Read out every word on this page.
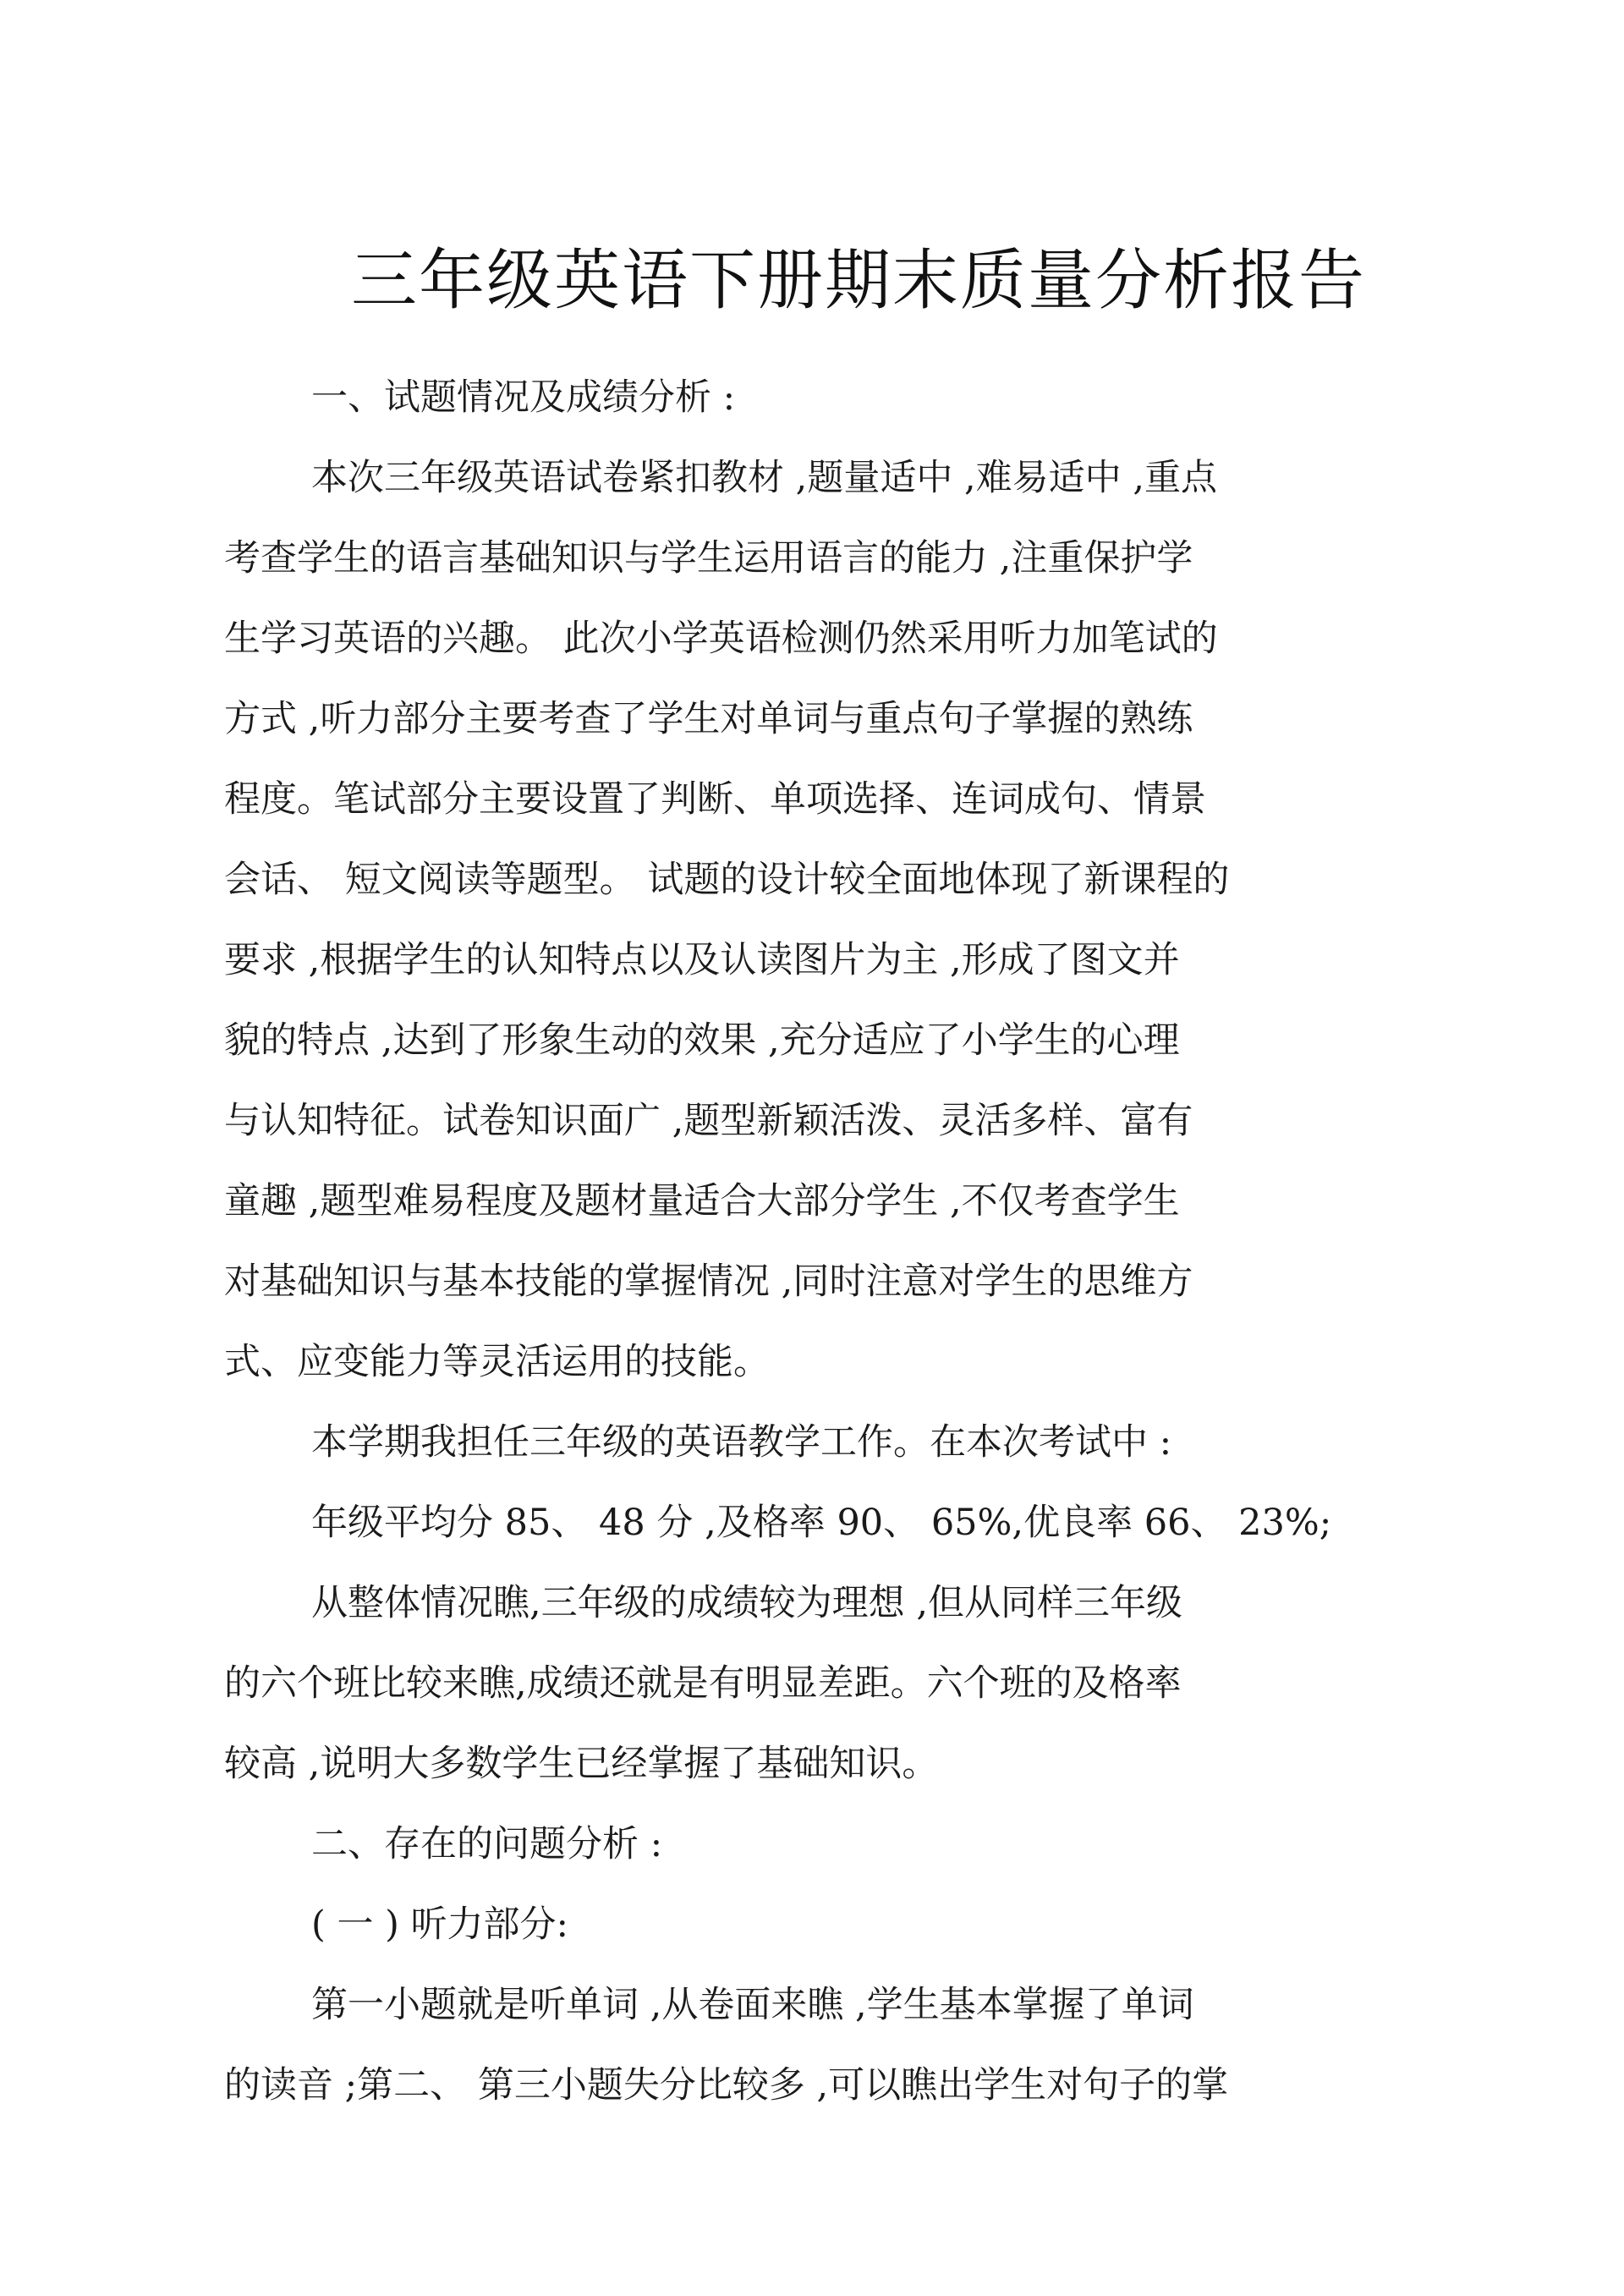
三年级英语下册期末质量分析报告
一、试题情况及成绩分析 :
本次三年级英语试卷紧扣教材 ,题量适中 ,难易适中 ,重点
考查学生的语言基础知识与学生运用语言的能力 ,注重保护学
生学习英语的兴趣。 此次小学英语检测仍然采用听力加笔试的
方式 ,听力部分主要考查了学生对单词与重点句子掌握的熟练
程度。笔试部分主要设置了判断、单项选择、连词成句、情景
会话、 短文阅读等题型。 试题的设计较全面地体现了新课程的
要求 ,根据学生的认知特点以及认读图片为主 ,形成了图文并
貌的特点 ,达到了形象生动的效果 ,充分适应了小学生的心理
与认知特征。试卷知识面广 ,题型新颖活泼、灵活多样、富有
童趣 ,题型难易程度及题材量适合大部分学生 ,不仅考查学生
对基础知识与基本技能的掌握情况 ,同时注意对学生的思维方
式、应变能力等灵活运用的技能。
本学期我担任三年级的英语教学工作。在本次考试中 :
年级平均分 85、 48 分 ,及格率 90、 65%,优良率 66、 23%;
从整体情况瞧,三年级的成绩较为理想 ,但从同样三年级
的六个班比较来瞧,成绩还就是有明显差距。六个班的及格率
较高 ,说明大多数学生已经掌握了基础知识。
二、存在的问题分析 :
( 一 ) 听力部分:
第一小题就是听单词 ,从卷面来瞧 ,学生基本掌握了单词
的读音 ;第二、 第三小题失分比较多 ,可以瞧出学生对句子的掌
